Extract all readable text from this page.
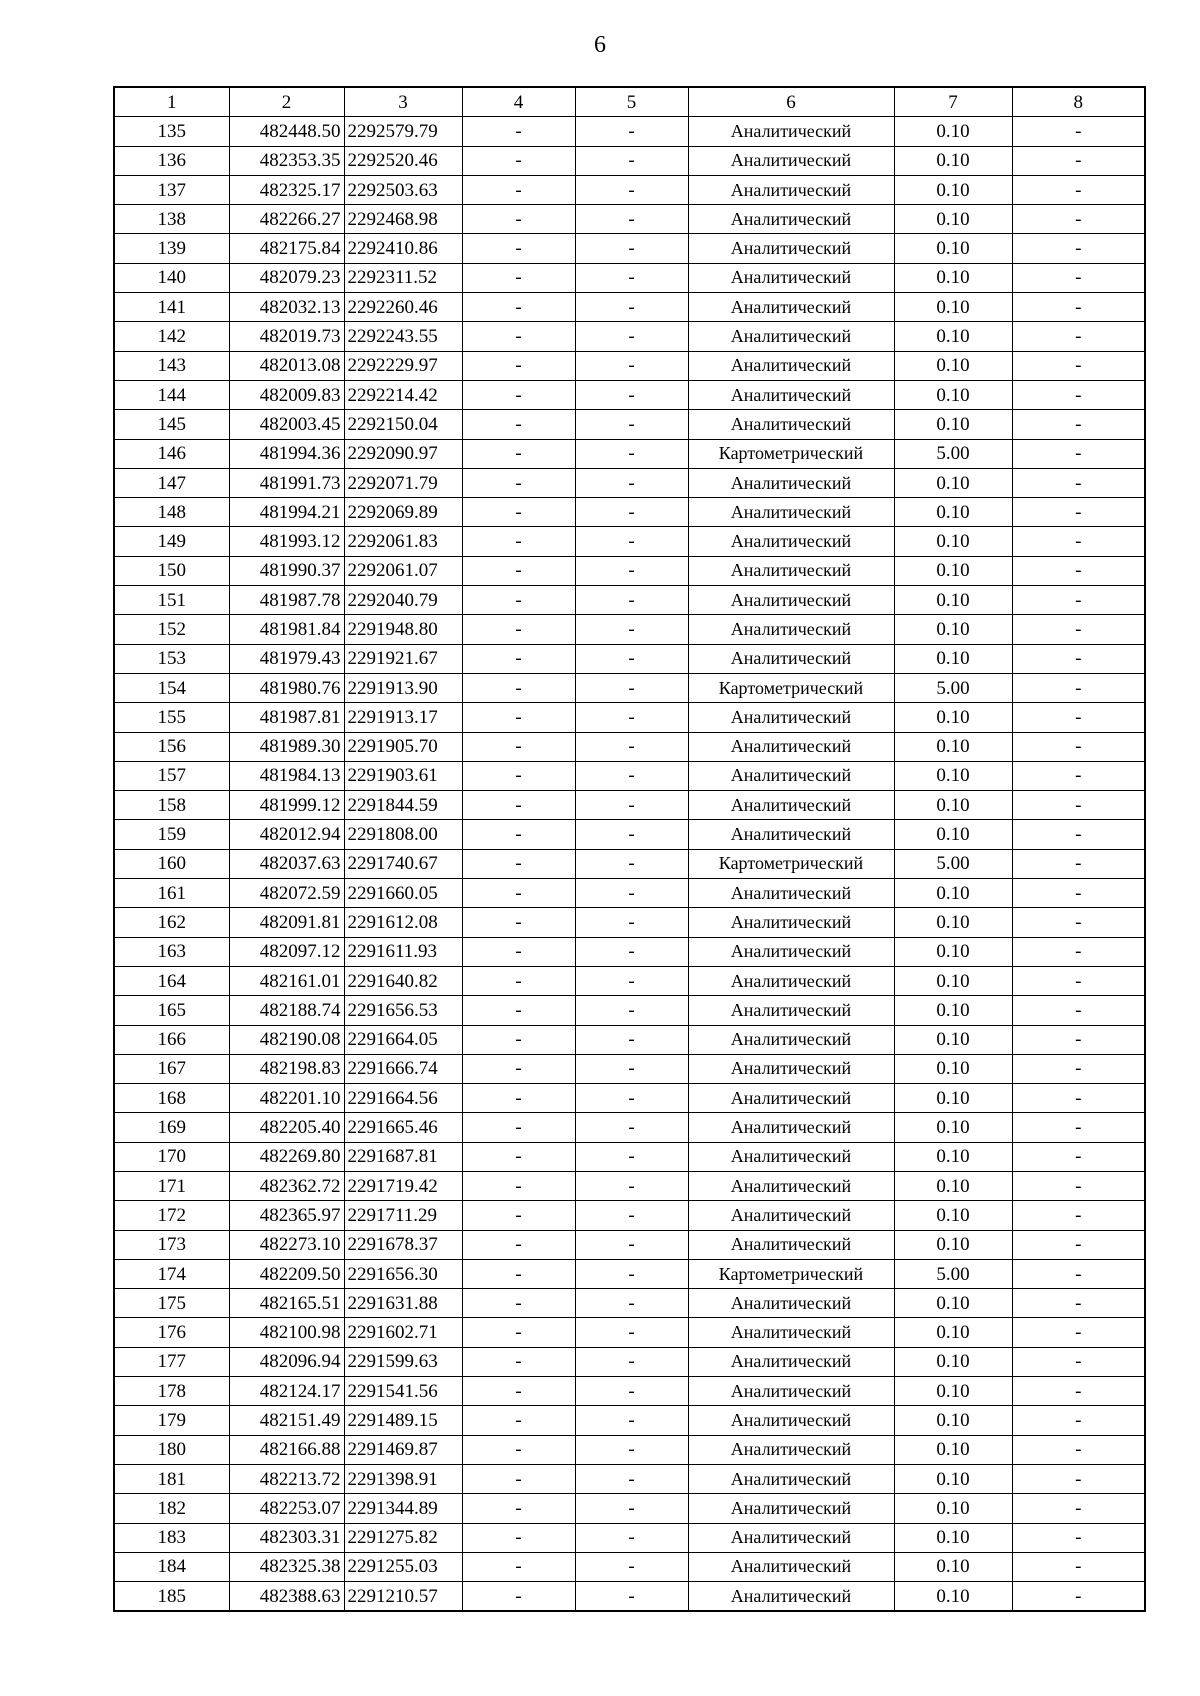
6
1	2	3	4	5	6	7	8
135	482448.50	2292579.79	-	-	Аналитический	0.10	-
136	482353.35	2292520.46	-	-	Аналитический	0.10	-
137	482325.17	2292503.63	-	-	Аналитический	0.10	-
138	482266.27	2292468.98	-	-	Аналитический	0.10	-
139	482175.84	2292410.86	-	-	Аналитический	0.10	-
140	482079.23	2292311.52	-	-	Аналитический	0.10	-
141	482032.13	2292260.46	-	-	Аналитический	0.10	-
142	482019.73	2292243.55	-	-	Аналитический	0.10	-
143	482013.08	2292229.97	-	-	Аналитический	0.10	-
144	482009.83	2292214.42	-	-	Аналитический	0.10	-
145	482003.45	2292150.04	-	-	Аналитический	0.10	-
146	481994.36	2292090.97	-	-	Картометрический	5.00	-
147	481991.73	2292071.79	-	-	Аналитический	0.10	-
148	481994.21	2292069.89	-	-	Аналитический	0.10	-
149	481993.12	2292061.83	-	-	Аналитический	0.10	-
150	481990.37	2292061.07	-	-	Аналитический	0.10	-
151	481987.78	2292040.79	-	-	Аналитический	0.10	-
152	481981.84	2291948.80	-	-	Аналитический	0.10	-
153	481979.43	2291921.67	-	-	Аналитический	0.10	-
154	481980.76	2291913.90	-	-	Картометрический	5.00	-
155	481987.81	2291913.17	-	-	Аналитический	0.10	-
156	481989.30	2291905.70	-	-	Аналитический	0.10	-
157	481984.13	2291903.61	-	-	Аналитический	0.10	-
158	481999.12	2291844.59	-	-	Аналитический	0.10	-
159	482012.94	2291808.00	-	-	Аналитический	0.10	-
160	482037.63	2291740.67	-	-	Картометрический	5.00	-
161	482072.59	2291660.05	-	-	Аналитический	0.10	-
162	482091.81	2291612.08	-	-	Аналитический	0.10	-
163	482097.12	2291611.93	-	-	Аналитический	0.10	-
164	482161.01	2291640.82	-	-	Аналитический	0.10	-
165	482188.74	2291656.53	-	-	Аналитический	0.10	-
166	482190.08	2291664.05	-	-	Аналитический	0.10	-
167	482198.83	2291666.74	-	-	Аналитический	0.10	-
168	482201.10	2291664.56	-	-	Аналитический	0.10	-
169	482205.40	2291665.46	-	-	Аналитический	0.10	-
170	482269.80	2291687.81	-	-	Аналитический	0.10	-
171	482362.72	2291719.42	-	-	Аналитический	0.10	-
172	482365.97	2291711.29	-	-	Аналитический	0.10	-
173	482273.10	2291678.37	-	-	Аналитический	0.10	-
174	482209.50	2291656.30	-	-	Картометрический	5.00	-
175	482165.51	2291631.88	-	-	Аналитический	0.10	-
176	482100.98	2291602.71	-	-	Аналитический	0.10	-
177	482096.94	2291599.63	-	-	Аналитический	0.10	-
178	482124.17	2291541.56	-	-	Аналитический	0.10	-
179	482151.49	2291489.15	-	-	Аналитический	0.10	-
180	482166.88	2291469.87	-	-	Аналитический	0.10	-
181	482213.72	2291398.91	-	-	Аналитический	0.10	-
182	482253.07	2291344.89	-	-	Аналитический	0.10	-
183	482303.31	2291275.82	-	-	Аналитический	0.10	-
184	482325.38	2291255.03	-	-	Аналитический	0.10	-
185	482388.63	2291210.57	-	-	Аналитический	0.10	-
